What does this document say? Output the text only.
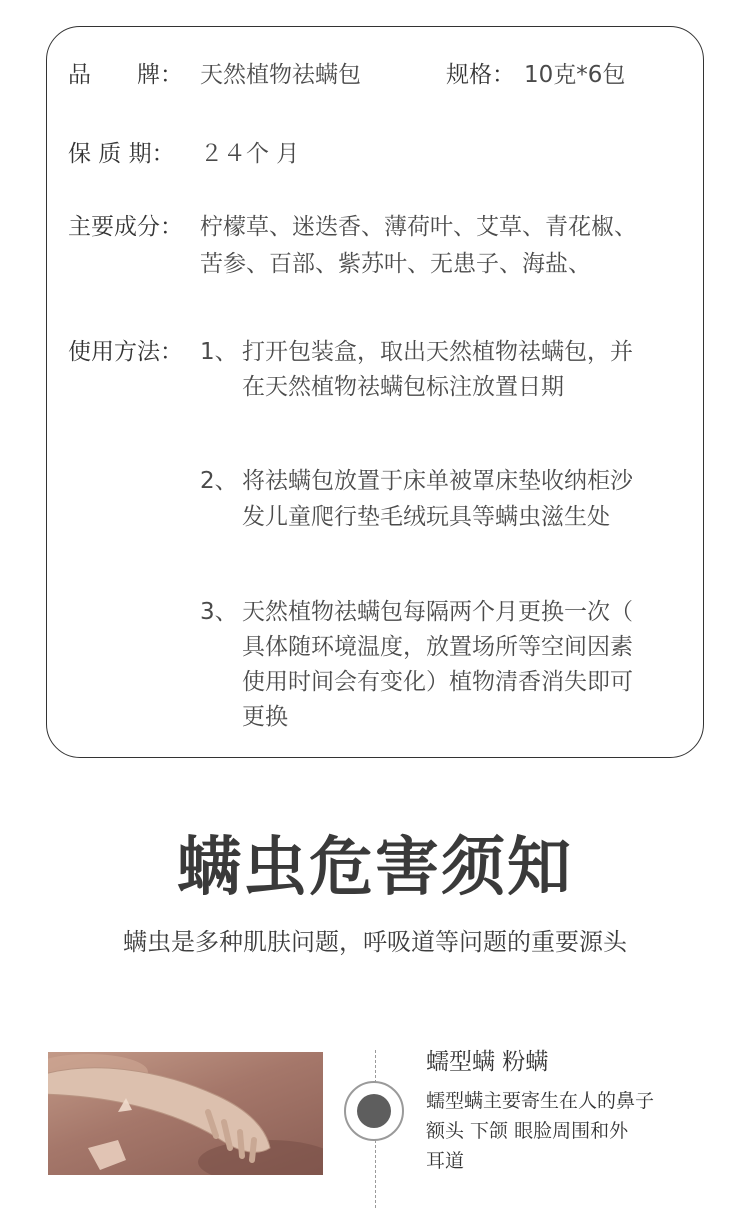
品　　牌： 天然植物祛螨包	规格： 10克*6包
保 质 期： ２４个 月
主要成分： 柠檬草、迷迭香、薄荷叶、艾草、青花椒、
苦参、百部、紫苏叶、无患子、海盐、
使用方法： 1、 打开包装盒，取出天然植物祛螨包，并
在天然植物祛螨包标注放置日期
2、 将祛螨包放置于床单被罩床垫收纳柜沙
发儿童爬行垫毛绒玩具等螨虫滋生处
3、 天然植物祛螨包每隔两个月更换一次（
具体随环境温度，放置场所等空间因素
使用时间会有变化）植物清香消失即可
更换
螨虫危害须知
螨虫是多种肌肤问题，呼吸道等问题的重要源头
蠕型螨 粉螨
蠕型螨主要寄生在人的鼻子
额头 下颌 眼脸周围和外
耳道
